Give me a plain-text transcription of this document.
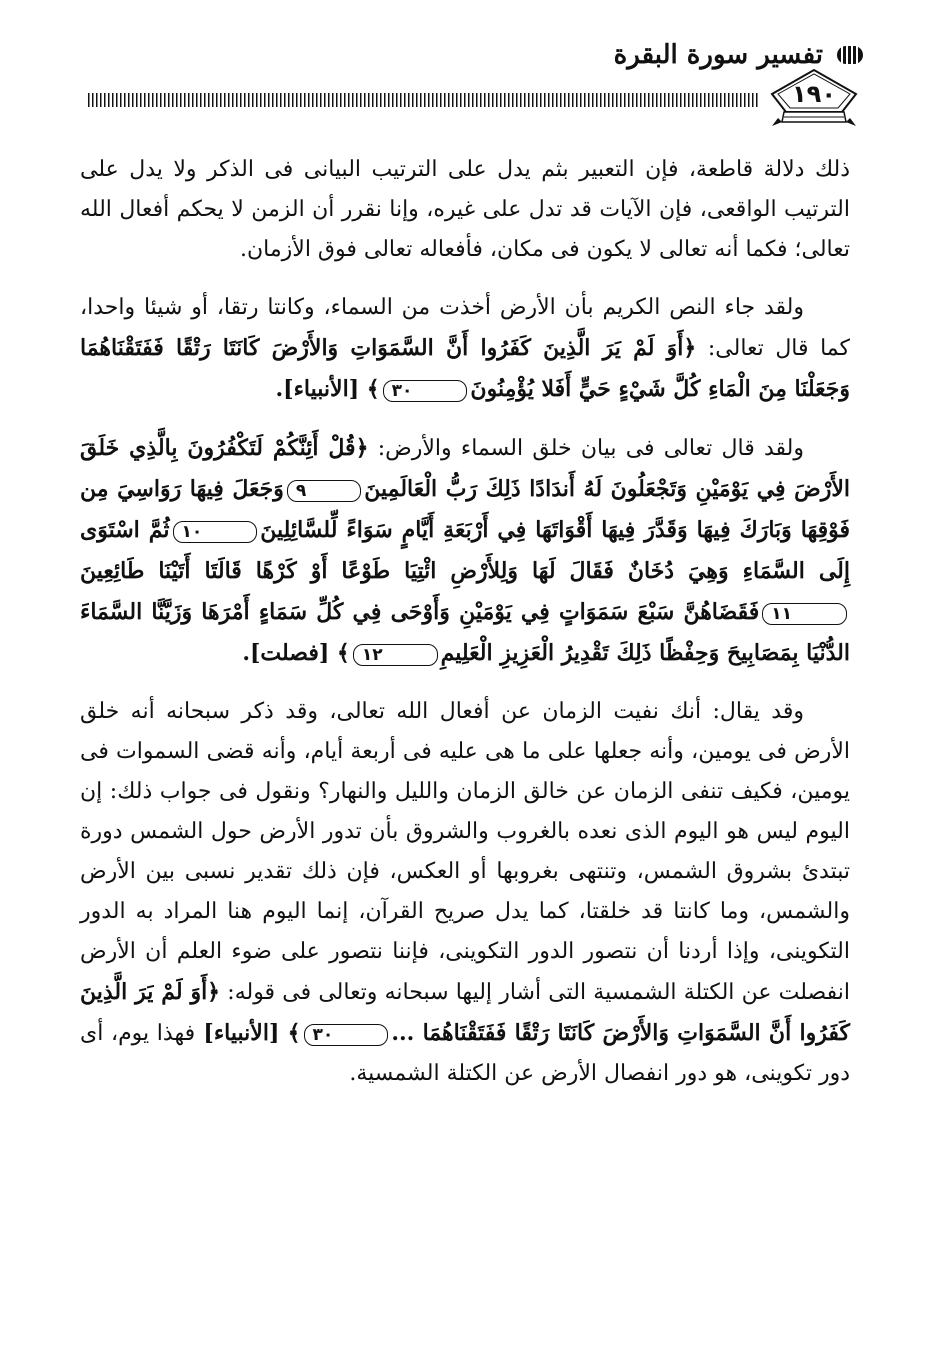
تفسير سورة البقرة
١٩٠

ذلك دلالة قاطعة، فإن التعبير بثم يدل على الترتيب البيانى فى الذكر ولا يدل على الترتيب الواقعى، فإن الآيات قد تدل على غيره، وإنا نقرر أن الزمن لا يحكم أفعال الله تعالى؛ فكما أنه تعالى لا يكون فى مكان، فأفعاله تعالى فوق الأزمان.

ولقد جاء النص الكريم بأن الأرض أخذت من السماء، وكانتا رتقا، أو شيئا واحدا، كما قال تعالى: ﴿أَوَ لَمْ يَرَ الَّذِينَ كَفَرُوا أَنَّ السَّمَوَاتِ وَالأَرْضَ كَانَتَا رَتْقًا فَفَتَقْنَاهُمَا وَجَعَلْنَا مِنَ الْمَاءِ كُلَّ شَيْءٍ حَيٍّ أَفَلا يُؤْمِنُونَ٣٠﴾ [الأنبياء].

ولقد قال تعالى فى بيان خلق السماء والأرض: ﴿قُلْ أَئِنَّكُمْ لَتَكْفُرُونَ بِالَّذِي خَلَقَ الأَرْضَ فِي يَوْمَيْنِ وَتَجْعَلُونَ لَهُ أَندَادًا ذَلِكَ رَبُّ الْعَالَمِينَ٩وَجَعَلَ فِيهَا رَوَاسِيَ مِن فَوْقِهَا وَبَارَكَ فِيهَا وَقَدَّرَ فِيهَا أَقْوَاتَهَا فِي أَرْبَعَةِ أَيَّامٍ سَوَاءً لِّلسَّائِلِينَ١٠ثُمَّ اسْتَوَى إِلَى السَّمَاءِ وَهِيَ دُخَانٌ فَقَالَ لَهَا وَلِلأَرْضِ ائْتِيَا طَوْعًا أَوْ كَرْهًا قَالَتَا أَتَيْنَا طَائِعِينَ١١فَقَضَاهُنَّ سَبْعَ سَمَوَاتٍ فِي يَوْمَيْنِ وَأَوْحَى فِي كُلِّ سَمَاءٍ أَمْرَهَا وَزَيَّنَّا السَّمَاءَ الدُّنْيَا بِمَصَابِيحَ وَحِفْظًا ذَلِكَ تَقْدِيرُ الْعَزِيزِ الْعَلِيمِ١٢﴾ [فصلت].

وقد يقال: أنك نفيت الزمان عن أفعال الله تعالى، وقد ذكر سبحانه أنه خلق الأرض فى يومين، وأنه جعلها على ما هى عليه فى أربعة أيام، وأنه قضى السموات فى يومين، فكيف تنفى الزمان عن خالق الزمان والليل والنهار؟ ونقول فى جواب ذلك: إن اليوم ليس هو اليوم الذى نعده بالغروب والشروق بأن تدور الأرض حول الشمس دورة تبتدئ بشروق الشمس، وتنتهى بغروبها أو العكس، فإن ذلك تقدير نسبى بين الأرض والشمس، وما كانتا قد خلقتا، كما يدل صريح القرآن، إنما اليوم هنا المراد به الدور التكوينى، وإذا أردنا أن نتصور الدور التكوينى، فإننا نتصور على ضوء العلم أن الأرض انفصلت عن الكتلة الشمسية التى أشار إليها سبحانه وتعالى فى قوله: ﴿أَوَ لَمْ يَرَ الَّذِينَ كَفَرُوا أَنَّ السَّمَوَاتِ وَالأَرْضَ كَانَتَا رَتْقًا فَفَتَقْنَاهُمَا ...٣٠﴾ [الأنبياء] فهذا يوم، أى دور تكوينى، هو دور انفصال الأرض عن الكتلة الشمسية.
